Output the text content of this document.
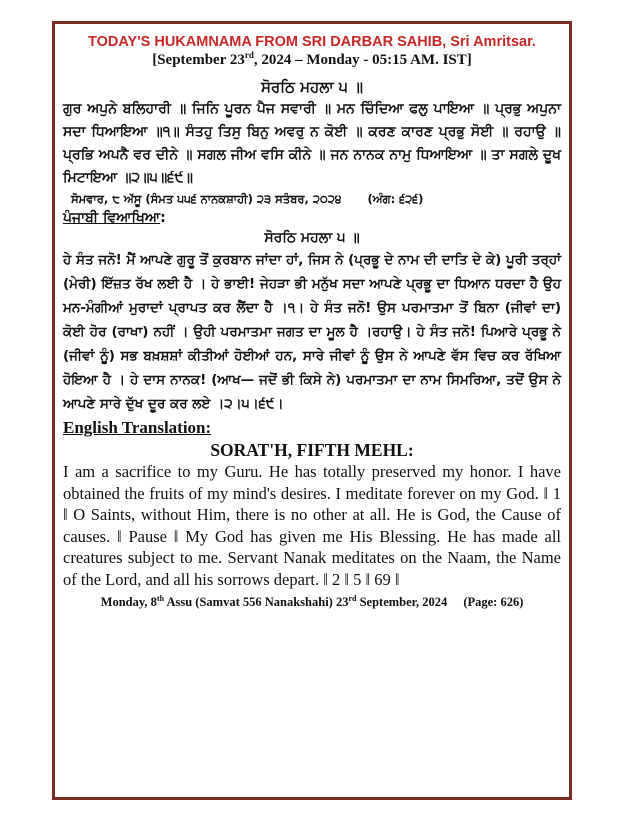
TODAY'S HUKAMNAMA FROM SRI DARBAR SAHIB, Sri Amritsar.
[September 23rd, 2024 – Monday - 05:15 AM. IST]
ਸੋਰਠਿ ਮਹਲਾ ੫ ॥
ਗੁਰ ਅਪੁਨੇ ਬਲਿਹਾਰੀ ॥ ਜਿਨਿ ਪੂਰਨ ਪੈਜ ਸਵਾਰੀ ॥ ਮਨ ਚਿੰਦਿਆ ਫਲੁ ਪਾਇਆ ॥ ਪ੍ਰਭੁ ਅਪੁਨਾ ਸਦਾ ਧਿਆਇਆ ॥੧॥ ਸੰਤਹੁ ਤਿਸੁ ਬਿਨੁ ਅਵਰੁ ਨ ਕੋਈ ॥ ਕਰਣ ਕਾਰਣ ਪ੍ਰਭੁ ਸੋਈ ॥ ਰਹਾਉ ॥ ਪ੍ਰਭਿ ਅਪਨੈ ਵਰ ਦੀਨੇ ॥ ਸਗਲ ਜੀਅ ਵਸਿ ਕੀਨੇ ॥ ਜਨ ਨਾਨਕ ਨਾਮੁ ਧਿਆਇਆ ॥ ਤਾ ਸਗਲੇ ਦੂਖ ਮਿਟਾਇਆ ॥੨॥੫॥੬੯॥
ਸੋਮਵਾਰ, ੮ ਅੱਸੂ (ਸੰਮਤ ੫੫੬ ਨਾਨਕਸ਼ਾਹੀ) ੨੩ ਸਤੰਬਰ, ੨੦੨੪ (ਅੰਗ: ੬੨੬)
ਪੰਜਾਬੀ ਵਿਆਖਿਆ:
ਸੋਰਠਿ ਮਹਲਾ ੫ ॥
ਹੇ ਸੰਤ ਜਨੋ! ਮੈਂ ਆਪਣੇ ਗੁਰੂ ਤੋਂ ਕੁਰਬਾਨ ਜਾਂਦਾ ਹਾਂ, ਜਿਸ ਨੇ (ਪ੍ਰਭੂ ਦੇ ਨਾਮ ਦੀ ਦਾਤਿ ਦੇ ਕੇ) ਪੂਰੀ ਤਰ੍ਹਾਂ (ਮੇਰੀ) ਇੱਜ਼ਤ ਰੱਖ ਲਈ ਹੈ । ਹੇ ਭਾਈ! ਜੇਹੜਾ ਭੀ ਮਨੁੱਖ ਸਦਾ ਆਪਣੇ ਪ੍ਰਭੂ ਦਾ ਧਿਆਨ ਧਰਦਾ ਹੈ ਉਹ ਮਨ-ਮੰਗੀਆਂ ਮੁਰਾਦਾਂ ਪ੍ਰਾਪਤ ਕਰ ਲੈਂਦਾ ਹੈ ।੧। ਹੇ ਸੰਤ ਜਨੋ! ਉਸ ਪਰਮਾਤਮਾ ਤੋਂ ਬਿਨਾ (ਜੀਵਾਂ ਦਾ) ਕੋਈ ਹੋਰ (ਰਾਖਾ) ਨਹੀਂ । ਉਹੀ ਪਰਮਾਤਮਾ ਜਗਤ ਦਾ ਮੂਲ ਹੈ ।ਰਹਾਉ। ਹੇ ਸੰਤ ਜਨੋ! ਪਿਆਰੇ ਪ੍ਰਭੂ ਨੇ (ਜੀਵਾਂ ਨੂੰ) ਸਭ ਬਖ਼ਸ਼ਸ਼ਾਂ ਕੀਤੀਆਂ ਹੋਈਆਂ ਹਨ, ਸਾਰੇ ਜੀਵਾਂ ਨੂੰ ਉਸ ਨੇ ਆਪਣੇ ਵੱਸ ਵਿਚ ਕਰ ਰੱਖਿਆ ਹੋਇਆ ਹੈ । ਹੇ ਦਾਸ ਨਾਨਕ! (ਆਖ— ਜਦੋਂ ਭੀ ਕਿਸੇ ਨੇ) ਪਰਮਾਤਮਾ ਦਾ ਨਾਮ ਸਿਮਰਿਆ, ਤਦੋਂ ਉਸ ਨੇ ਆਪਣੇ ਸਾਰੇ ਦੁੱਖ ਦੂਰ ਕਰ ਲਏ ।੨।੫।੬੯।
English Translation:
SORAT'H, FIFTH MEHL:
I am a sacrifice to my Guru. He has totally preserved my honor. I have obtained the fruits of my mind's desires. I meditate forever on my God. ‖ 1 ‖ O Saints, without Him, there is no other at all. He is God, the Cause of causes. ‖ Pause ‖ My God has given me His Blessing. He has made all creatures subject to me. Servant Nanak meditates on the Naam, the Name of the Lord, and all his sorrows depart. ‖ 2 ‖ 5 ‖ 69 ‖
Monday, 8th Assu (Samvat 556 Nanakshahi) 23rd September, 2024 (Page: 626)
